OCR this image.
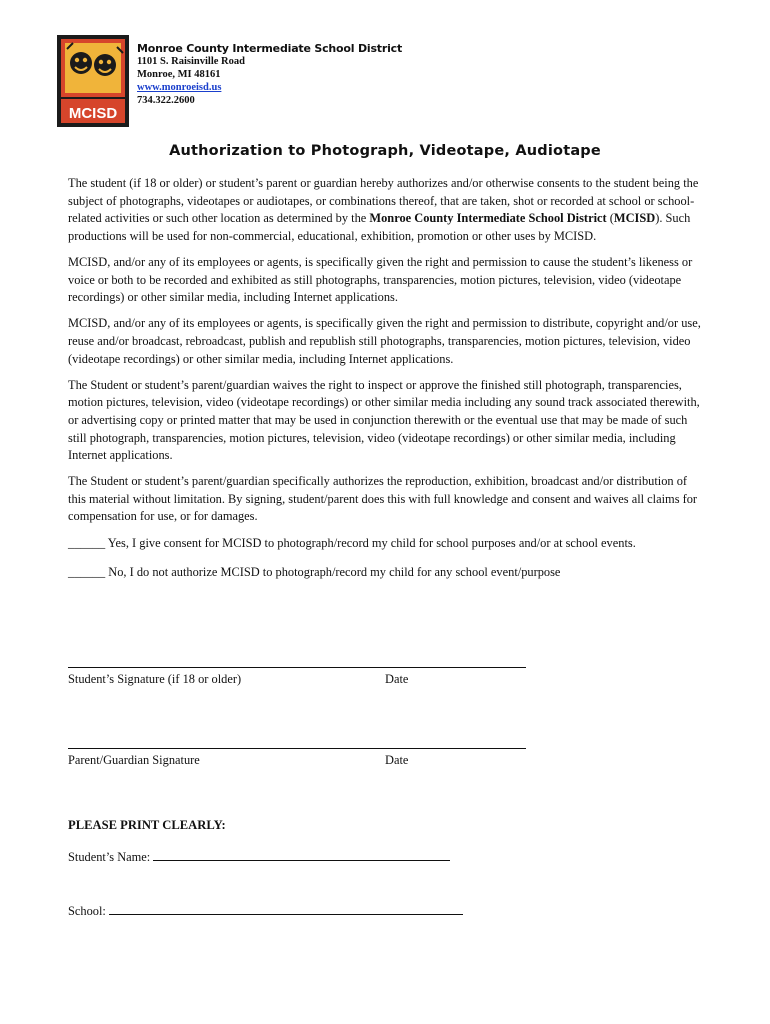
MCISD
Monroe County Intermediate School District
1101 S. Raisinville Road
Monroe, MI 48161
www.monroeisd.us
734.322.2600
Authorization to Photograph, Videotape, Audiotape

The student (if 18 or older) or student’s parent or guardian hereby authorizes and/or otherwise consents to the student being the subject of photographs, videotapes or audiotapes, or combinations thereof, that are taken, shot or recorded at school or school-related activities or such other location as determined by the Monroe County Intermediate School District (MCISD). Such productions will be used for non-commercial, educational, exhibition, promotion or other uses by MCISD.

MCISD, and/or any of its employees or agents, is specifically given the right and permission to cause the student’s likeness or voice or both to be recorded and exhibited as still photographs, transparencies, motion pictures, television, video (videotape recordings) or other similar media, including Internet applications.

MCISD, and/or any of its employees or agents, is specifically given the right and permission to distribute, copyright and/or use, reuse and/or broadcast, rebroadcast, publish and republish still photographs, transparencies, motion pictures, television, video (videotape recordings) or other similar media, including Internet applications.

The Student or student’s parent/guardian waives the right to inspect or approve the finished still photograph, transparencies, motion pictures, television, video (videotape recordings) or other similar media including any sound track associated therewith, or advertising copy or printed matter that may be used in conjunction therewith or the eventual use that may be made of such still photograph, transparencies, motion pictures, television, video (videotape recordings) or other similar media, including Internet applications.

The Student or student’s parent/guardian specifically authorizes the reproduction, exhibition, broadcast and/or distribution of this material without limitation. By signing, student/parent does this with full knowledge and consent and waives all claims for compensation for use, or for damages.

______ Yes, I give consent for MCISD to photograph/record my child for school purposes and/or at school events.

______ No, I do not authorize MCISD to photograph/record my child for any school event/purpose

Student’s Signature (if 18 or older)	Date
Parent/Guardian Signature	Date
PLEASE PRINT CLEARLY:
Student’s Name:
School:
